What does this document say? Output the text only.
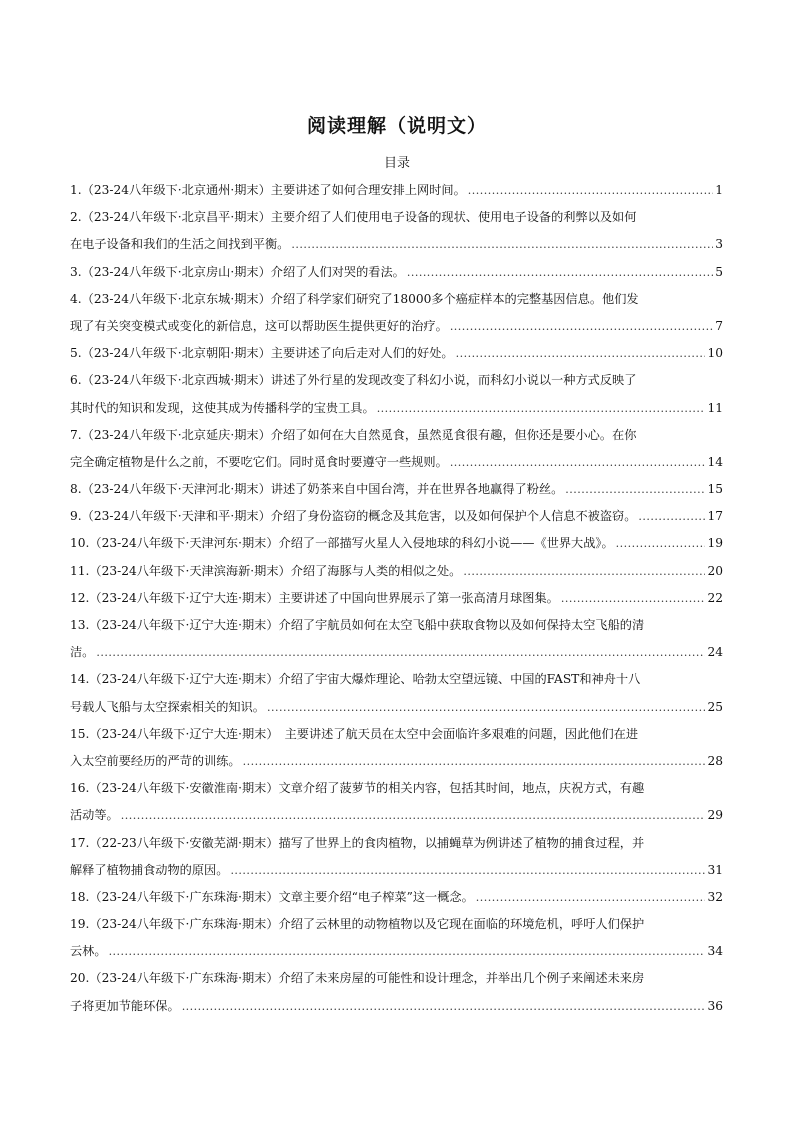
阅读理解（说明文）
目录
1.（23-24八年级下·北京通州·期末）主要讲述了如何合理安排上网时间。 .....	1
2.（23-24八年级下·北京昌平·期末）主要介绍了人们使用电子设备的现状、使用电子设备的利弊以及如何
在电子设备和我们的生活之间找到平衡。 .....	3
3.（23-24八年级下·北京房山·期末）介绍了人们对哭的看法。 .....	5
4.（23-24八年级下·北京东城·期末）介绍了科学家们研究了18000多个癌症样本的完整基因信息。他们发
现了有关突变模式或变化的新信息，这可以帮助医生提供更好的治疗。 .....	7
5.（23-24八年级下·北京朝阳·期末）主要讲述了向后走对人们的好处。 .....	10
6.（23-24八年级下·北京西城·期末）讲述了外行星的发现改变了科幻小说，而科幻小说以一种方式反映了
其时代的知识和发现，这使其成为传播科学的宝贵工具。 .....	11
7.（23-24八年级下·北京延庆·期末）介绍了如何在大自然觅食，虽然觅食很有趣，但你还是要小心。在你
完全确定植物是什么之前，不要吃它们。同时觅食时要遵守一些规则。 .....	14
8.（23-24八年级下·天津河北·期末）讲述了奶茶来自中国台湾，并在世界各地赢得了粉丝。 .....	15
9.（23-24八年级下·天津和平·期末）介绍了身份盗窃的概念及其危害，以及如何保护个人信息不被盗窃。 .....	17
10.（23-24八年级下·天津河东·期末）介绍了一部描写火星人入侵地球的科幻小说——《世界大战》。 .....	19
11.（23-24八年级下·天津滨海新·期末）介绍了海豚与人类的相似之处。 .....	20
12.（23-24八年级下·辽宁大连·期末）主要讲述了中国向世界展示了第一张高清月球图集。 .....	22
13.（23-24八年级下·辽宁大连·期末）介绍了宇航员如何在太空飞船中获取食物以及如何保持太空飞船的清
洁。 .....	24
14.（23-24八年级下·辽宁大连·期末）介绍了宇宙大爆炸理论、哈勃太空望远镜、中国的FAST和神舟十八
号载人飞船与太空探索相关的知识。 .....	25
15.（23-24八年级下·辽宁大连·期末）　主要讲述了航天员在太空中会面临许多艰难的问题，因此他们在进
入太空前要经历的严苛的训练。 .....	28
16.（23-24八年级下·安徽淮南·期末）文章介绍了菠萝节的相关内容，包括其时间，地点，庆祝方式，有趣
活动等。 .....	29
17.（22-23八年级下·安徽芜湖·期末）描写了世界上的食肉植物，以捕蝇草为例讲述了植物的捕食过程，并
解释了植物捕食动物的原因。 .....	31
18.（23-24八年级下·广东珠海·期末）文章主要介绍“电子榨菜”这一概念。 .....	32
19.（23-24八年级下·广东珠海·期末）介绍了云林里的动物植物以及它现在面临的环境危机，呼吁人们保护
云林。 .....	34
20.（23-24八年级下·广东珠海·期末）介绍了未来房屋的可能性和设计理念，并举出几个例子来阐述未来房
子将更加节能环保。 .....	36
